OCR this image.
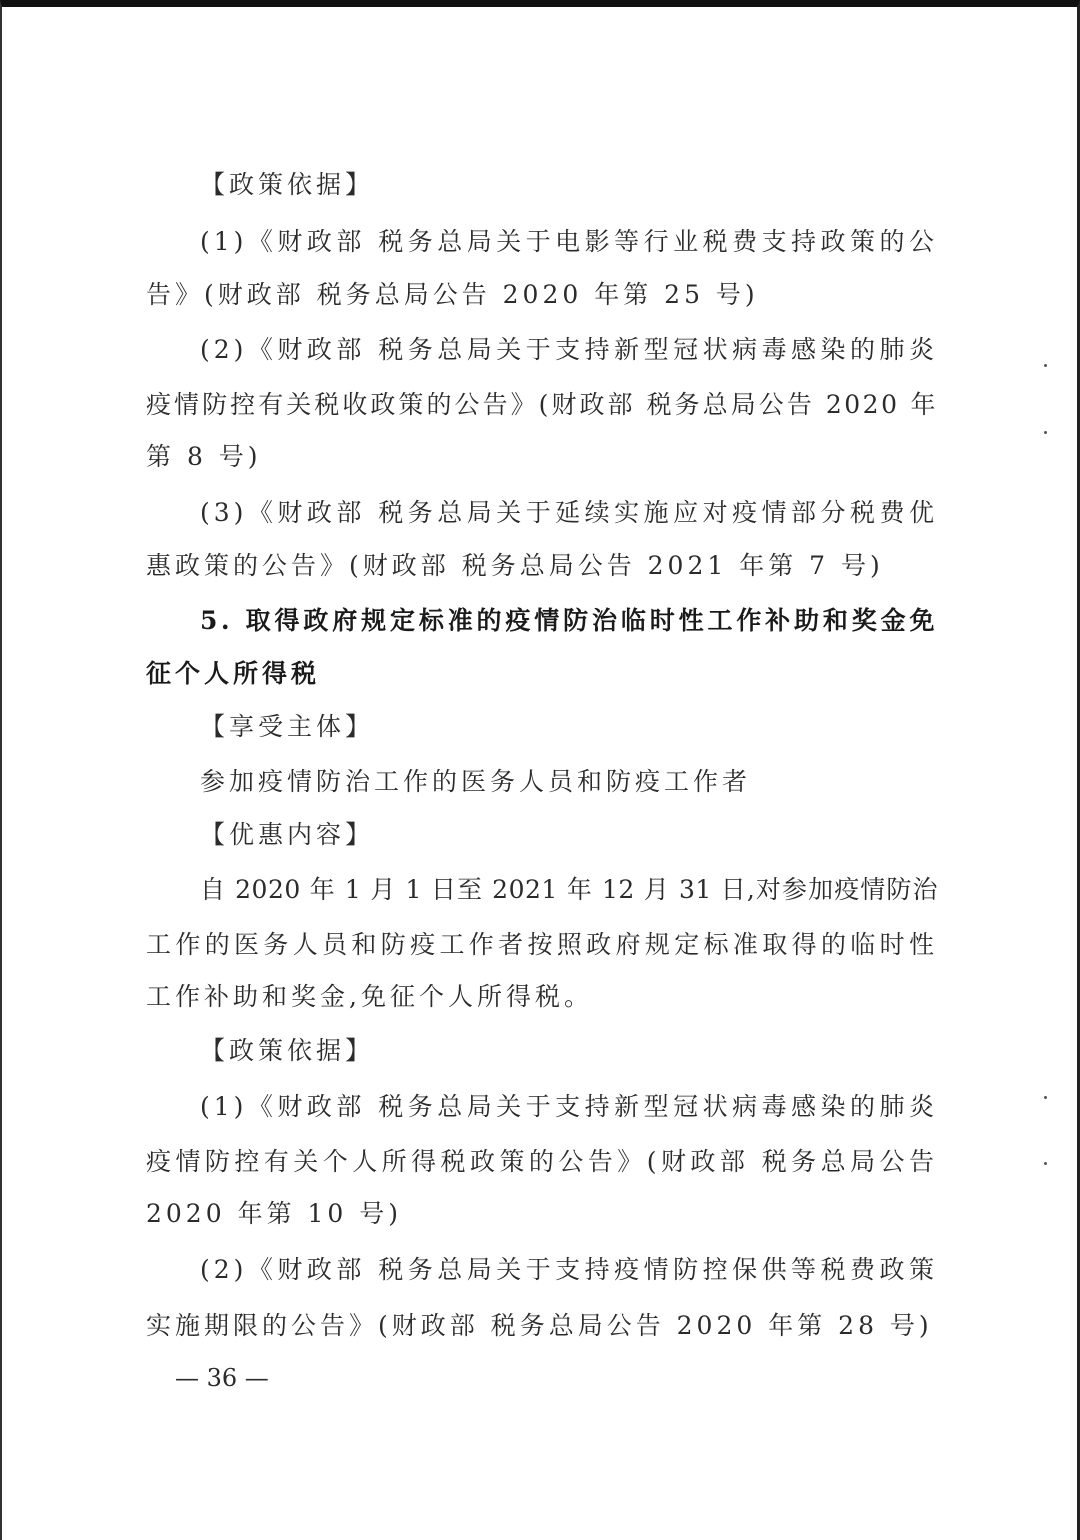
【政策依据】
(1)《财政部 税务总局关于电影等行业税费支持政策的公
告》(财政部 税务总局公告 2020 年第 25 号)
(2)《财政部 税务总局关于支持新型冠状病毒感染的肺炎
疫情防控有关税收政策的公告》(财政部 税务总局公告 2020 年
第 8 号)
(3)《财政部 税务总局关于延续实施应对疫情部分税费优
惠政策的公告》(财政部 税务总局公告 2021 年第 7 号)
5. 取得政府规定标准的疫情防治临时性工作补助和奖金免
征个人所得税
【享受主体】
参加疫情防治工作的医务人员和防疫工作者
【优惠内容】
自 2020 年 1 月 1 日至 2021 年 12 月 31 日,对参加疫情防治
工作的医务人员和防疫工作者按照政府规定标准取得的临时性
工作补助和奖金,免征个人所得税。
【政策依据】
(1)《财政部 税务总局关于支持新型冠状病毒感染的肺炎
疫情防控有关个人所得税政策的公告》(财政部 税务总局公告
2020 年第 10 号)
(2)《财政部 税务总局关于支持疫情防控保供等税费政策
实施期限的公告》(财政部 税务总局公告 2020 年第 28 号)
— 36 —
